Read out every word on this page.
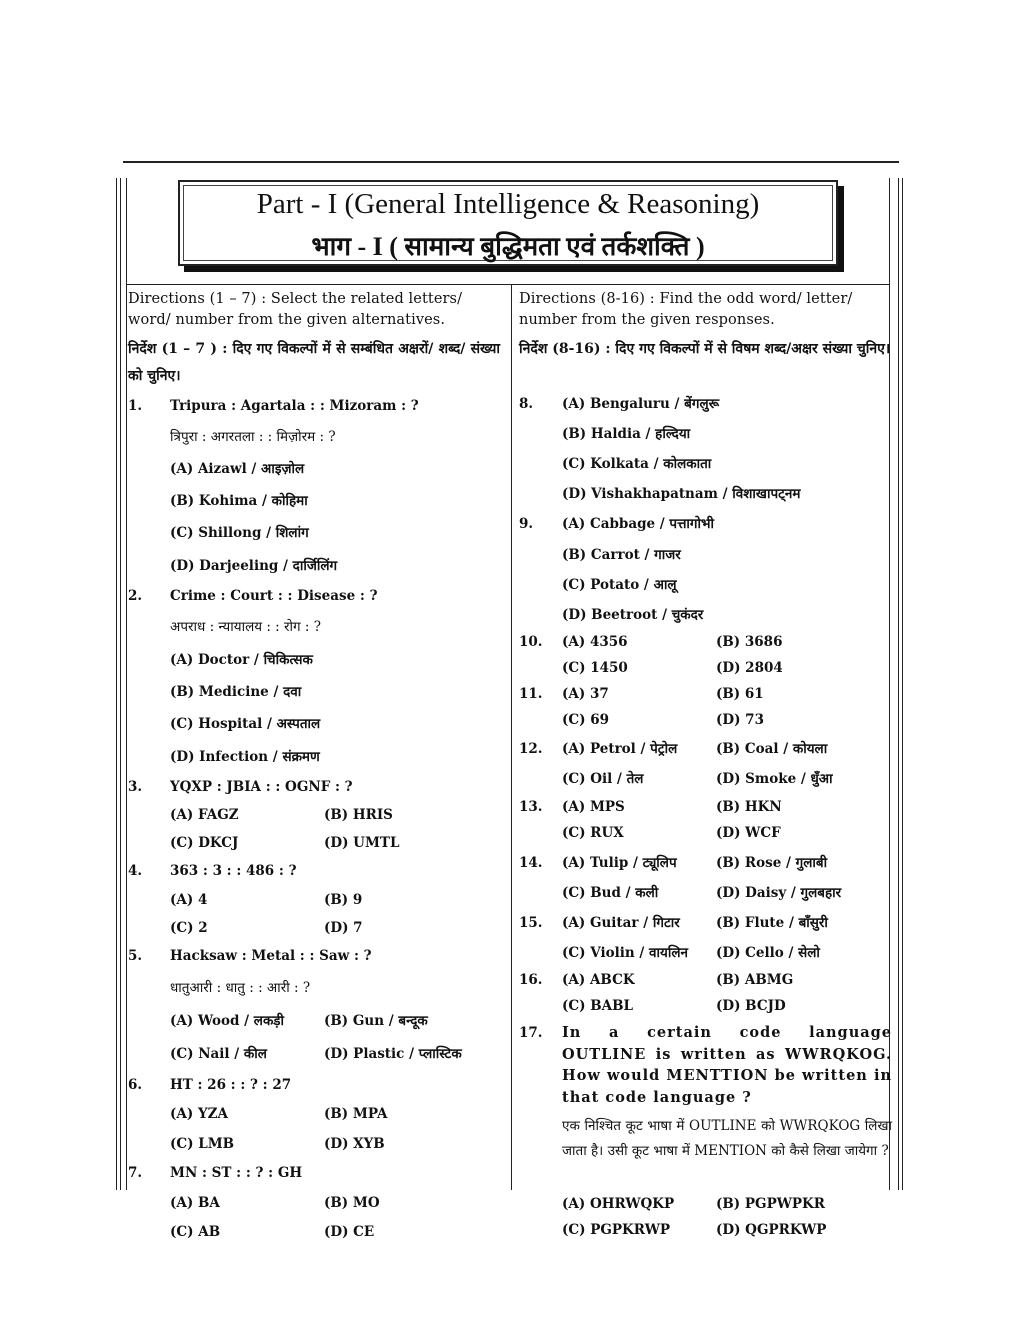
Part - I (General Intelligence & Reasoning)
भाग - I ( सामान्य बुद्धिमता एवं तर्कशक्ति )
Directions (1 – 7) : Select the related letters/ word/ number from the given alternatives.
निर्देश (1 – 7 ) : दिए गए विकल्पों में से सम्बंधित अक्षरों/ शब्द/ संख्या को चुनिए।
Directions (8-16) : Find the odd word/ letter/ number from the given responses.
निर्देश (8-16) : दिए गए विकल्पों में से विषम शब्द/अक्षर संख्या चुनिए।
1. Tripura : Agartala : : Mizoram : ?
त्रिपुरा : अगरतला : : मिज़ोरम : ?
(A) Aizawl / आइज़ोल
(B) Kohima / कोहिमा
(C) Shillong / शिलांग
(D) Darjeeling / दार्जिलिंग
2. Crime : Court : : Disease : ?
अपराध : न्यायालय : : रोग : ?
(A) Doctor / चिकित्सक
(B) Medicine / दवा
(C) Hospital / अस्पताल
(D) Infection / संक्रमण
3. YQXP : JBIA : : OGNF : ?
(A) FAGZ	(B) HRIS
(C) DKCJ	(D) UMTL
4. 363 : 3 : : 486 : ?
(A) 4	(B) 9
(C) 2	(D) 7
5. Hacksaw : Metal : : Saw : ?
धातुआरी : धातु : : आरी : ?
(A) Wood / लकड़ी	(B) Gun / बन्दूक
(C) Nail / कील	(D) Plastic / प्लास्टिक
6. HT : 26 : : ? : 27
(A) YZA	(B) MPA
(C) LMB	(D) XYB
7. MN : ST : : ? : GH
(A) BA	(B) MO
(C) AB	(D) CE
8. (A) Bengaluru / बेंगलुरू
(B) Haldia / हल्दिया
(C) Kolkata / कोलकाता
(D) Vishakhapatnam / विशाखापट्नम
9. (A) Cabbage / पत्तागोभी
(B) Carrot / गाजर
(C) Potato / आलू
(D) Beetroot / चुकंदर
10. (A) 4356	(B) 3686
(C) 1450	(D) 2804
11. (A) 37	(B) 61
(C) 69	(D) 73
12. (A) Petrol / पेट्रोल	(B) Coal / कोयला
(C) Oil / तेल	(D) Smoke / धुँआ
13. (A) MPS	(B) HKN
(C) RUX	(D) WCF
14. (A) Tulip / ट्यूलिप	(B) Rose / गुलाबी
(C) Bud / कली	(D) Daisy / गुलबहार
15. (A) Guitar / गिटार	(B) Flute / बाँसुरी
(C) Violin / वायलिन (D) Cello / सेलो
16. (A) ABCK	(B) ABMG
(C) BABL	(D) BCJD
17. In a certain code language OUTLINE is written as WWRQKOG. How would MENTTION be written in that code language ?
एक निश्चित कूट भाषा में OUTLINE को WWRQKOG लिखा जाता है। उसी कूट भाषा में MENTION को कैसे लिखा जायेगा ?
(A) OHRWQKP	(B) PGPWPKR
(C) PGPKRWP	(D) QGPRKWP
